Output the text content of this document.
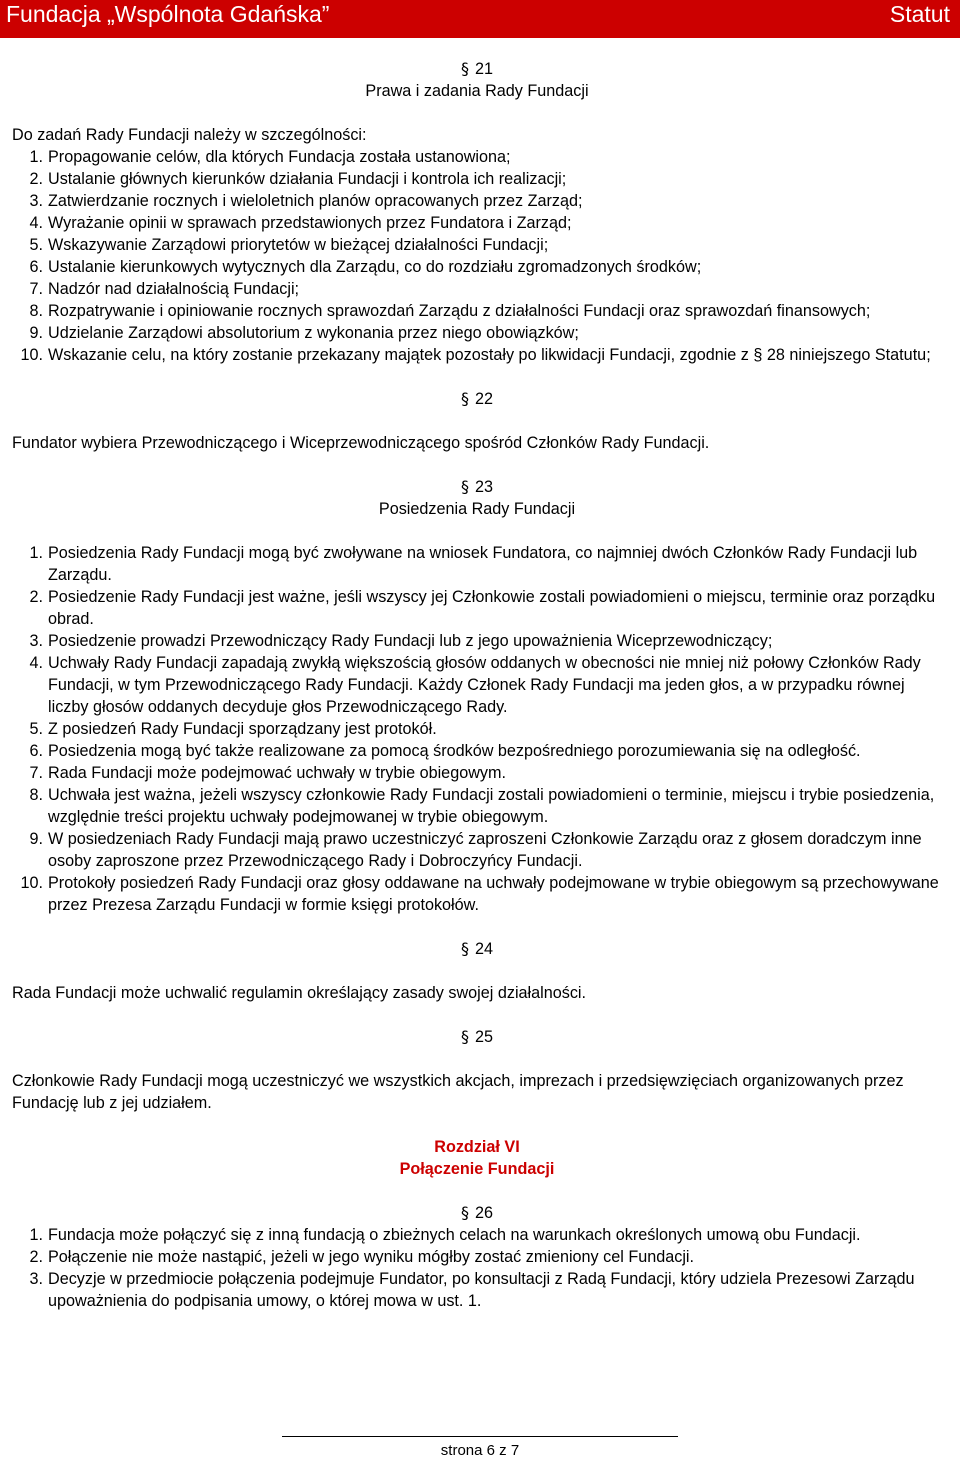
Fundacja „Wspólnota Gdańska”	Statut
§ 21
Prawa i zadania Rady Fundacji
Do zadań Rady Fundacji należy w szczególności:
1. Propagowanie celów, dla których Fundacja została ustanowiona;
2. Ustalanie głównych kierunków działania Fundacji i kontrola ich realizacji;
3. Zatwierdzanie rocznych i wieloletnich planów opracowanych przez Zarząd;
4. Wyrażanie opinii w sprawach przedstawionych przez Fundatora i Zarząd;
5. Wskazywanie Zarządowi priorytetów w bieżącej działalności Fundacji;
6. Ustalanie kierunkowych wytycznych dla Zarządu, co do rozdziału zgromadzonych środków;
7. Nadzór nad działalnością Fundacji;
8. Rozpatrywanie i opiniowanie rocznych sprawozdań Zarządu z działalności Fundacji oraz sprawozdań finansowych;
9. Udzielanie Zarządowi absolutorium z wykonania przez niego obowiązków;
10. Wskazanie celu, na który zostanie przekazany majątek pozostały po likwidacji Fundacji, zgodnie z § 28 niniejszego Statutu;
§ 22
Fundator wybiera Przewodniczącego i Wiceprzewodniczącego spośród Członków Rady Fundacji.
§ 23
Posiedzenia Rady Fundacji
1. Posiedzenia Rady Fundacji mogą być zwoływane na wniosek Fundatora, co najmniej dwóch Członków Rady Fundacji lub Zarządu.
2. Posiedzenie Rady Fundacji jest ważne, jeśli wszyscy jej Członkowie zostali powiadomieni o miejscu, terminie oraz porządku obrad.
3. Posiedzenie prowadzi Przewodniczący Rady Fundacji lub z jego upoważnienia Wiceprzewodniczący;
4. Uchwały Rady Fundacji zapadają zwykłą większością głosów oddanych w obecności nie mniej niż połowy Członków Rady Fundacji, w tym Przewodniczącego Rady Fundacji. Każdy Członek Rady Fundacji ma jeden głos, a w przypadku równej liczby głosów oddanych decyduje głos Przewodniczącego Rady.
5. Z posiedzeń Rady Fundacji sporządzany jest protokół.
6. Posiedzenia mogą być także realizowane za pomocą środków bezpośredniego porozumiewania się na odległość.
7. Rada Fundacji może podejmować uchwały w trybie obiegowym.
8. Uchwała jest ważna, jeżeli wszyscy członkowie Rady Fundacji zostali powiadomieni o terminie, miejscu i trybie posiedzenia, względnie treści projektu uchwały podejmowanej w trybie obiegowym.
9. W posiedzeniach Rady Fundacji mają prawo uczestniczyć zaproszeni Członkowie Zarządu oraz z głosem doradczym inne osoby zaproszone przez Przewodniczącego Rady i Dobroczyńcy Fundacji.
10. Protokoły posiedzeń Rady Fundacji oraz głosy oddawane na uchwały podejmowane w trybie obiegowym są przechowywane przez Prezesa Zarządu Fundacji w formie księgi protokołów.
§ 24
Rada Fundacji może uchwalić regulamin określający zasady swojej działalności.
§ 25
Członkowie Rady Fundacji mogą uczestniczyć we wszystkich akcjach, imprezach i przedsięwzięciach organizowanych przez Fundację lub z jej udziałem.
Rozdział VI
Połączenie Fundacji
§ 26
1. Fundacja może połączyć się z inną fundacją o zbieżnych celach na warunkach określonych umową obu Fundacji.
2. Połączenie nie może nastąpić, jeżeli w jego wyniku mógłby zostać zmieniony cel Fundacji.
3. Decyzje w przedmiocie połączenia podejmuje Fundator, po konsultacji z Radą Fundacji, który udziela Prezesowi Zarządu upoważnienia do podpisania umowy, o której mowa w ust. 1.
strona 6 z 7
